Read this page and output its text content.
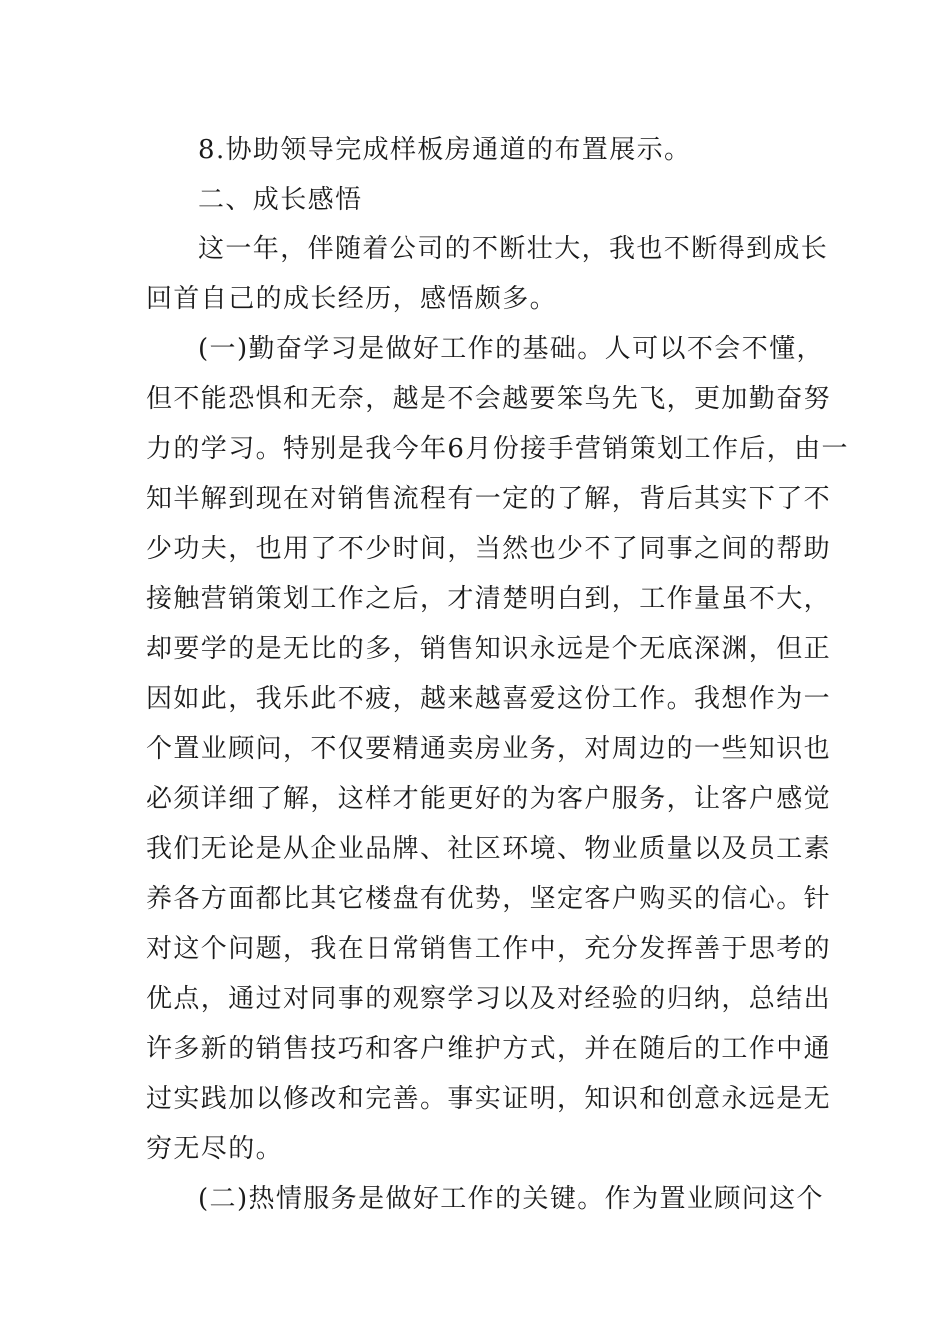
8.协助领导完成样板房通道的布置展示。
二、成长感悟
这一年，伴随着公司的不断壮大，我也不断得到成长
回首自己的成长经历，感悟颇多。
(一)勤奋学习是做好工作的基础。人可以不会不懂，
但不能恐惧和无奈，越是不会越要笨鸟先飞，更加勤奋努
力的学习。特别是我今年6月份接手营销策划工作后，由一
知半解到现在对销售流程有一定的了解，背后其实下了不
少功夫，也用了不少时间，当然也少不了同事之间的帮助
接触营销策划工作之后，才清楚明白到，工作量虽不大，
却要学的是无比的多，销售知识永远是个无底深渊，但正
因如此，我乐此不疲，越来越喜爱这份工作。我想作为一
个置业顾问，不仅要精通卖房业务，对周边的一些知识也
必须详细了解，这样才能更好的为客户服务，让客户感觉
我们无论是从企业品牌、社区环境、物业质量以及员工素
养各方面都比其它楼盘有优势，坚定客户购买的信心。针
对这个问题，我在日常销售工作中，充分发挥善于思考的
优点，通过对同事的观察学习以及对经验的归纳，总结出
许多新的销售技巧和客户维护方式，并在随后的工作中通
过实践加以修改和完善。事实证明，知识和创意永远是无
穷无尽的。
(二)热情服务是做好工作的关键。作为置业顾问这个
